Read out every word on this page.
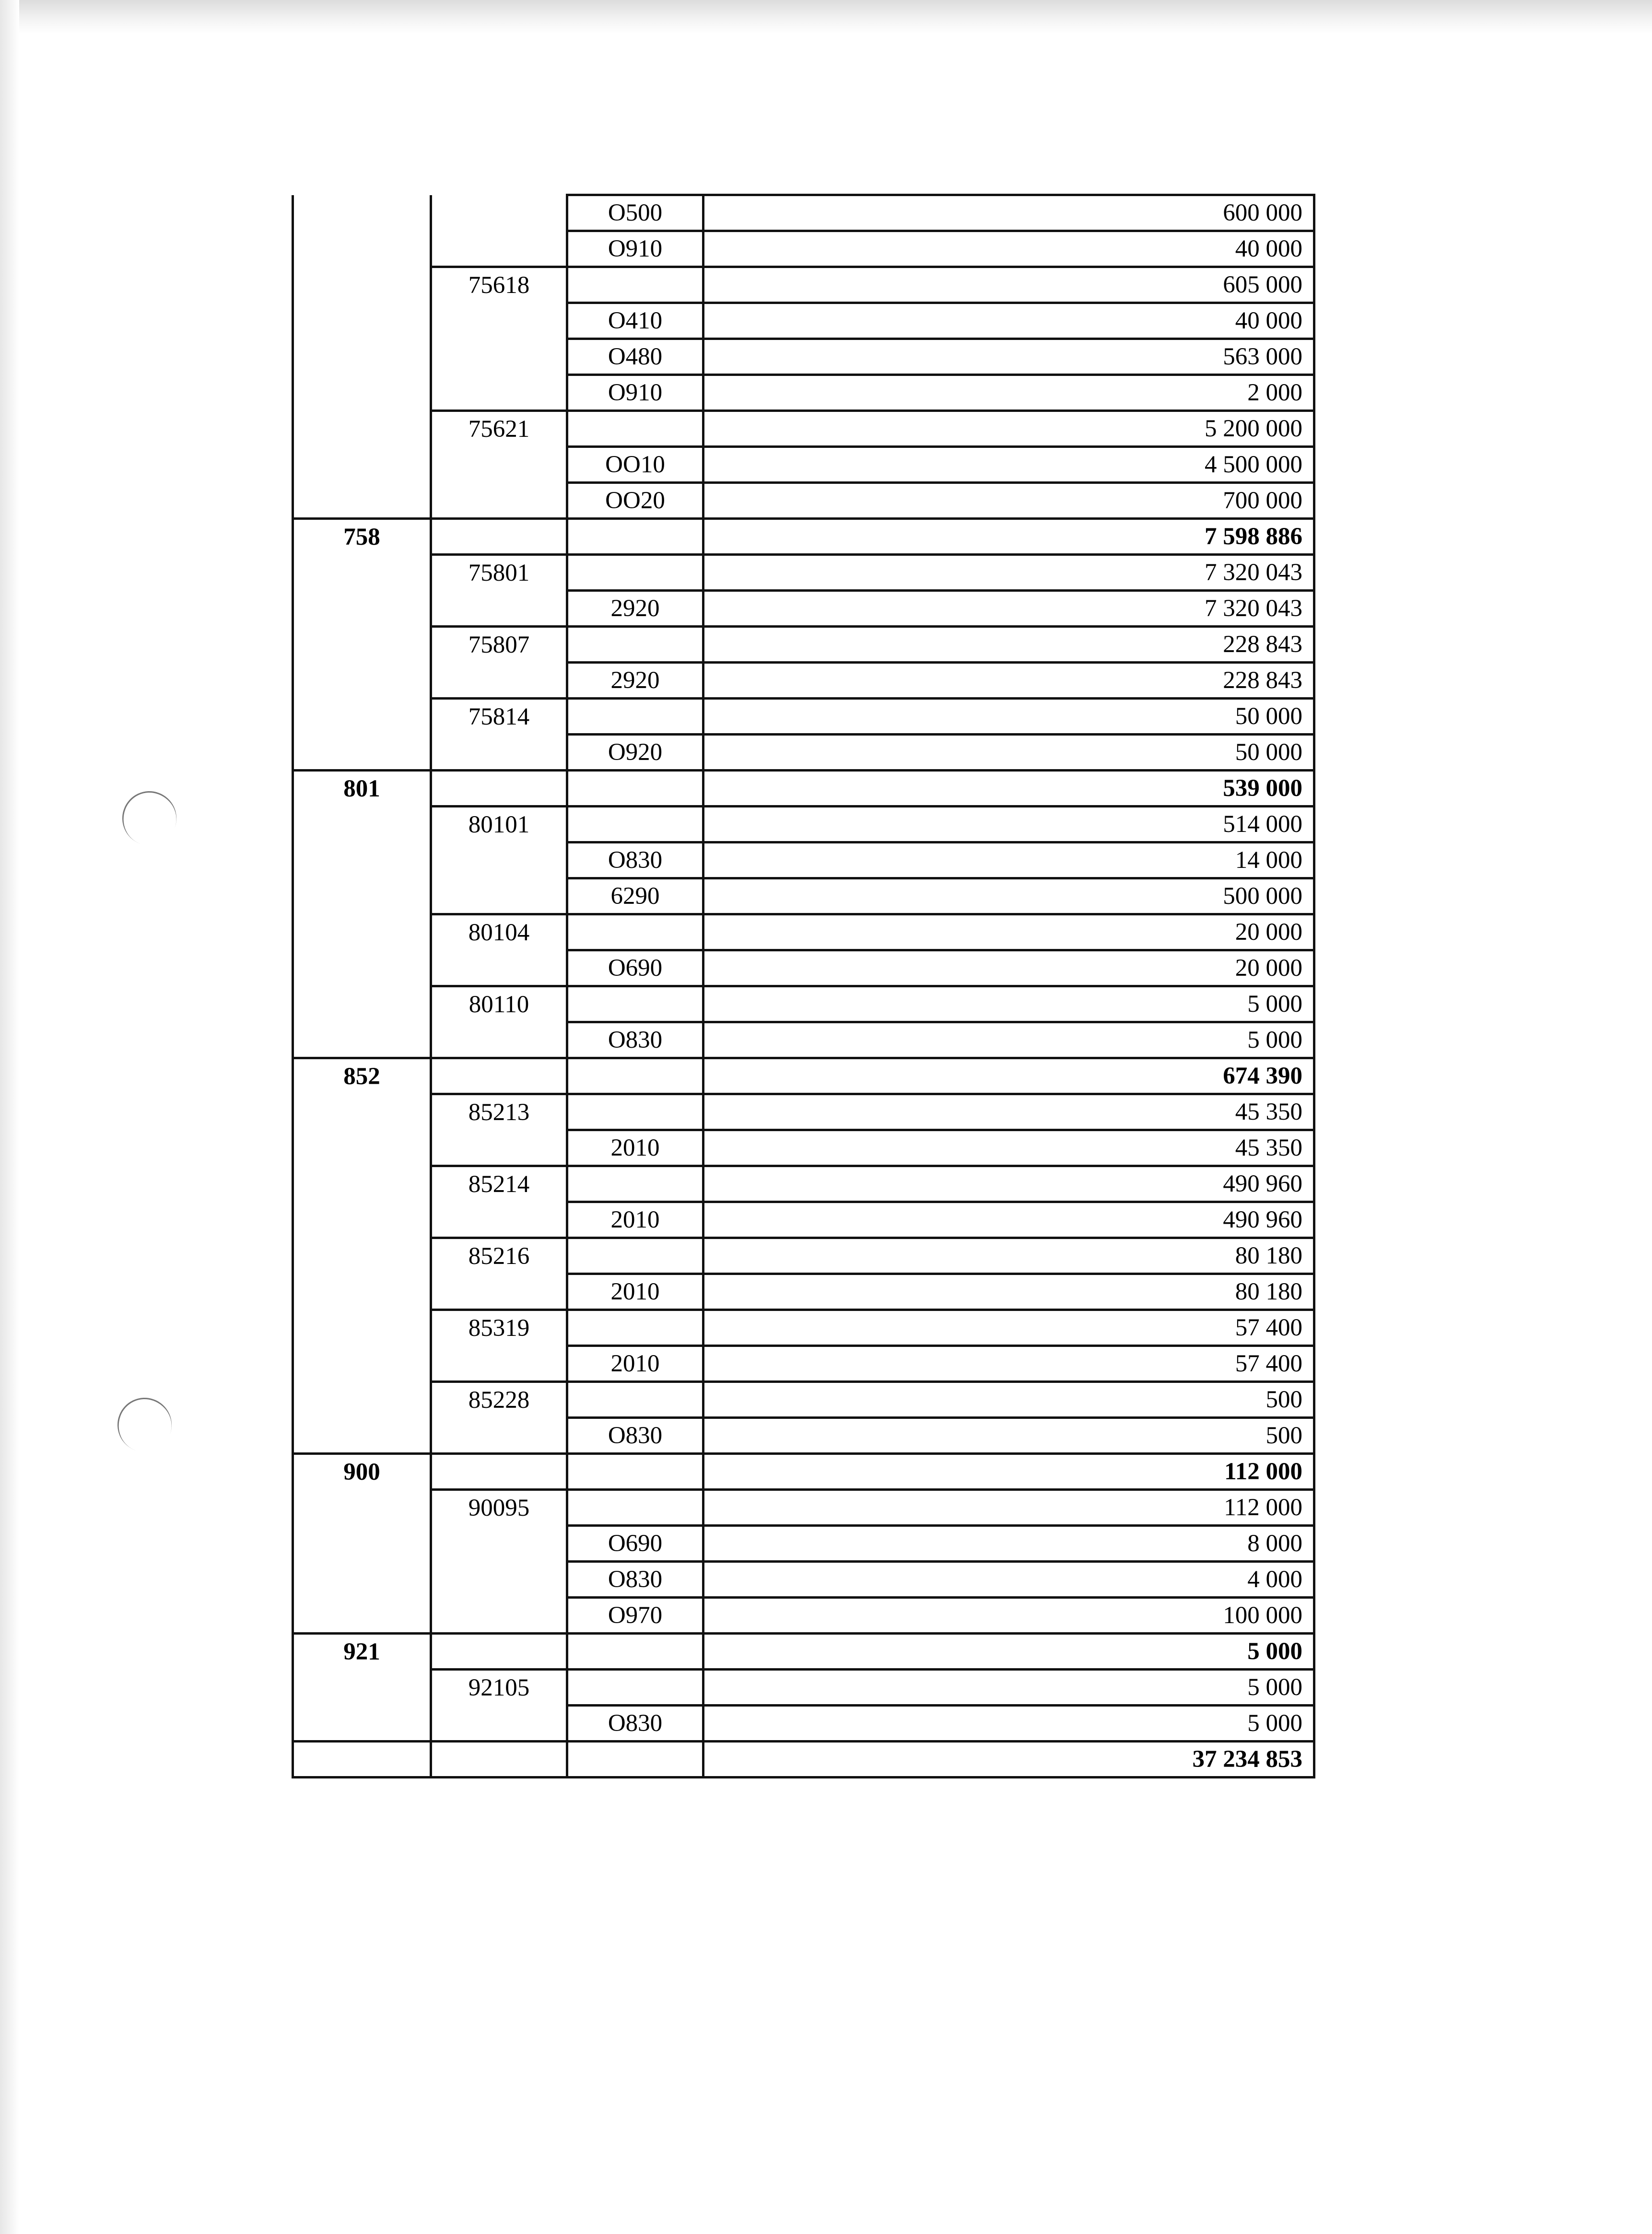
		O500	600 000
		O910	40 000
	75618		605 000
		O410	40 000
		O480	563 000
		O910	2 000
	75621		5 200 000
		OO10	4 500 000
		OO20	700 000
758			7 598 886
	75801		7 320 043
		2920	7 320 043
	75807		228 843
		2920	228 843
	75814		50 000
		O920	50 000
801			539 000
	80101		514 000
		O830	14 000
		6290	500 000
	80104		20 000
		O690	20 000
	80110		5 000
		O830	5 000
852			674 390
	85213		45 350
		2010	45 350
	85214		490 960
		2010	490 960
	85216		80 180
		2010	80 180
	85319		57 400
		2010	57 400
	85228		500
		O830	500
900			112 000
	90095		112 000
		O690	8 000
		O830	4 000
		O970	100 000
921			5 000
	92105		5 000
		O830	5 000
			37 234 853
